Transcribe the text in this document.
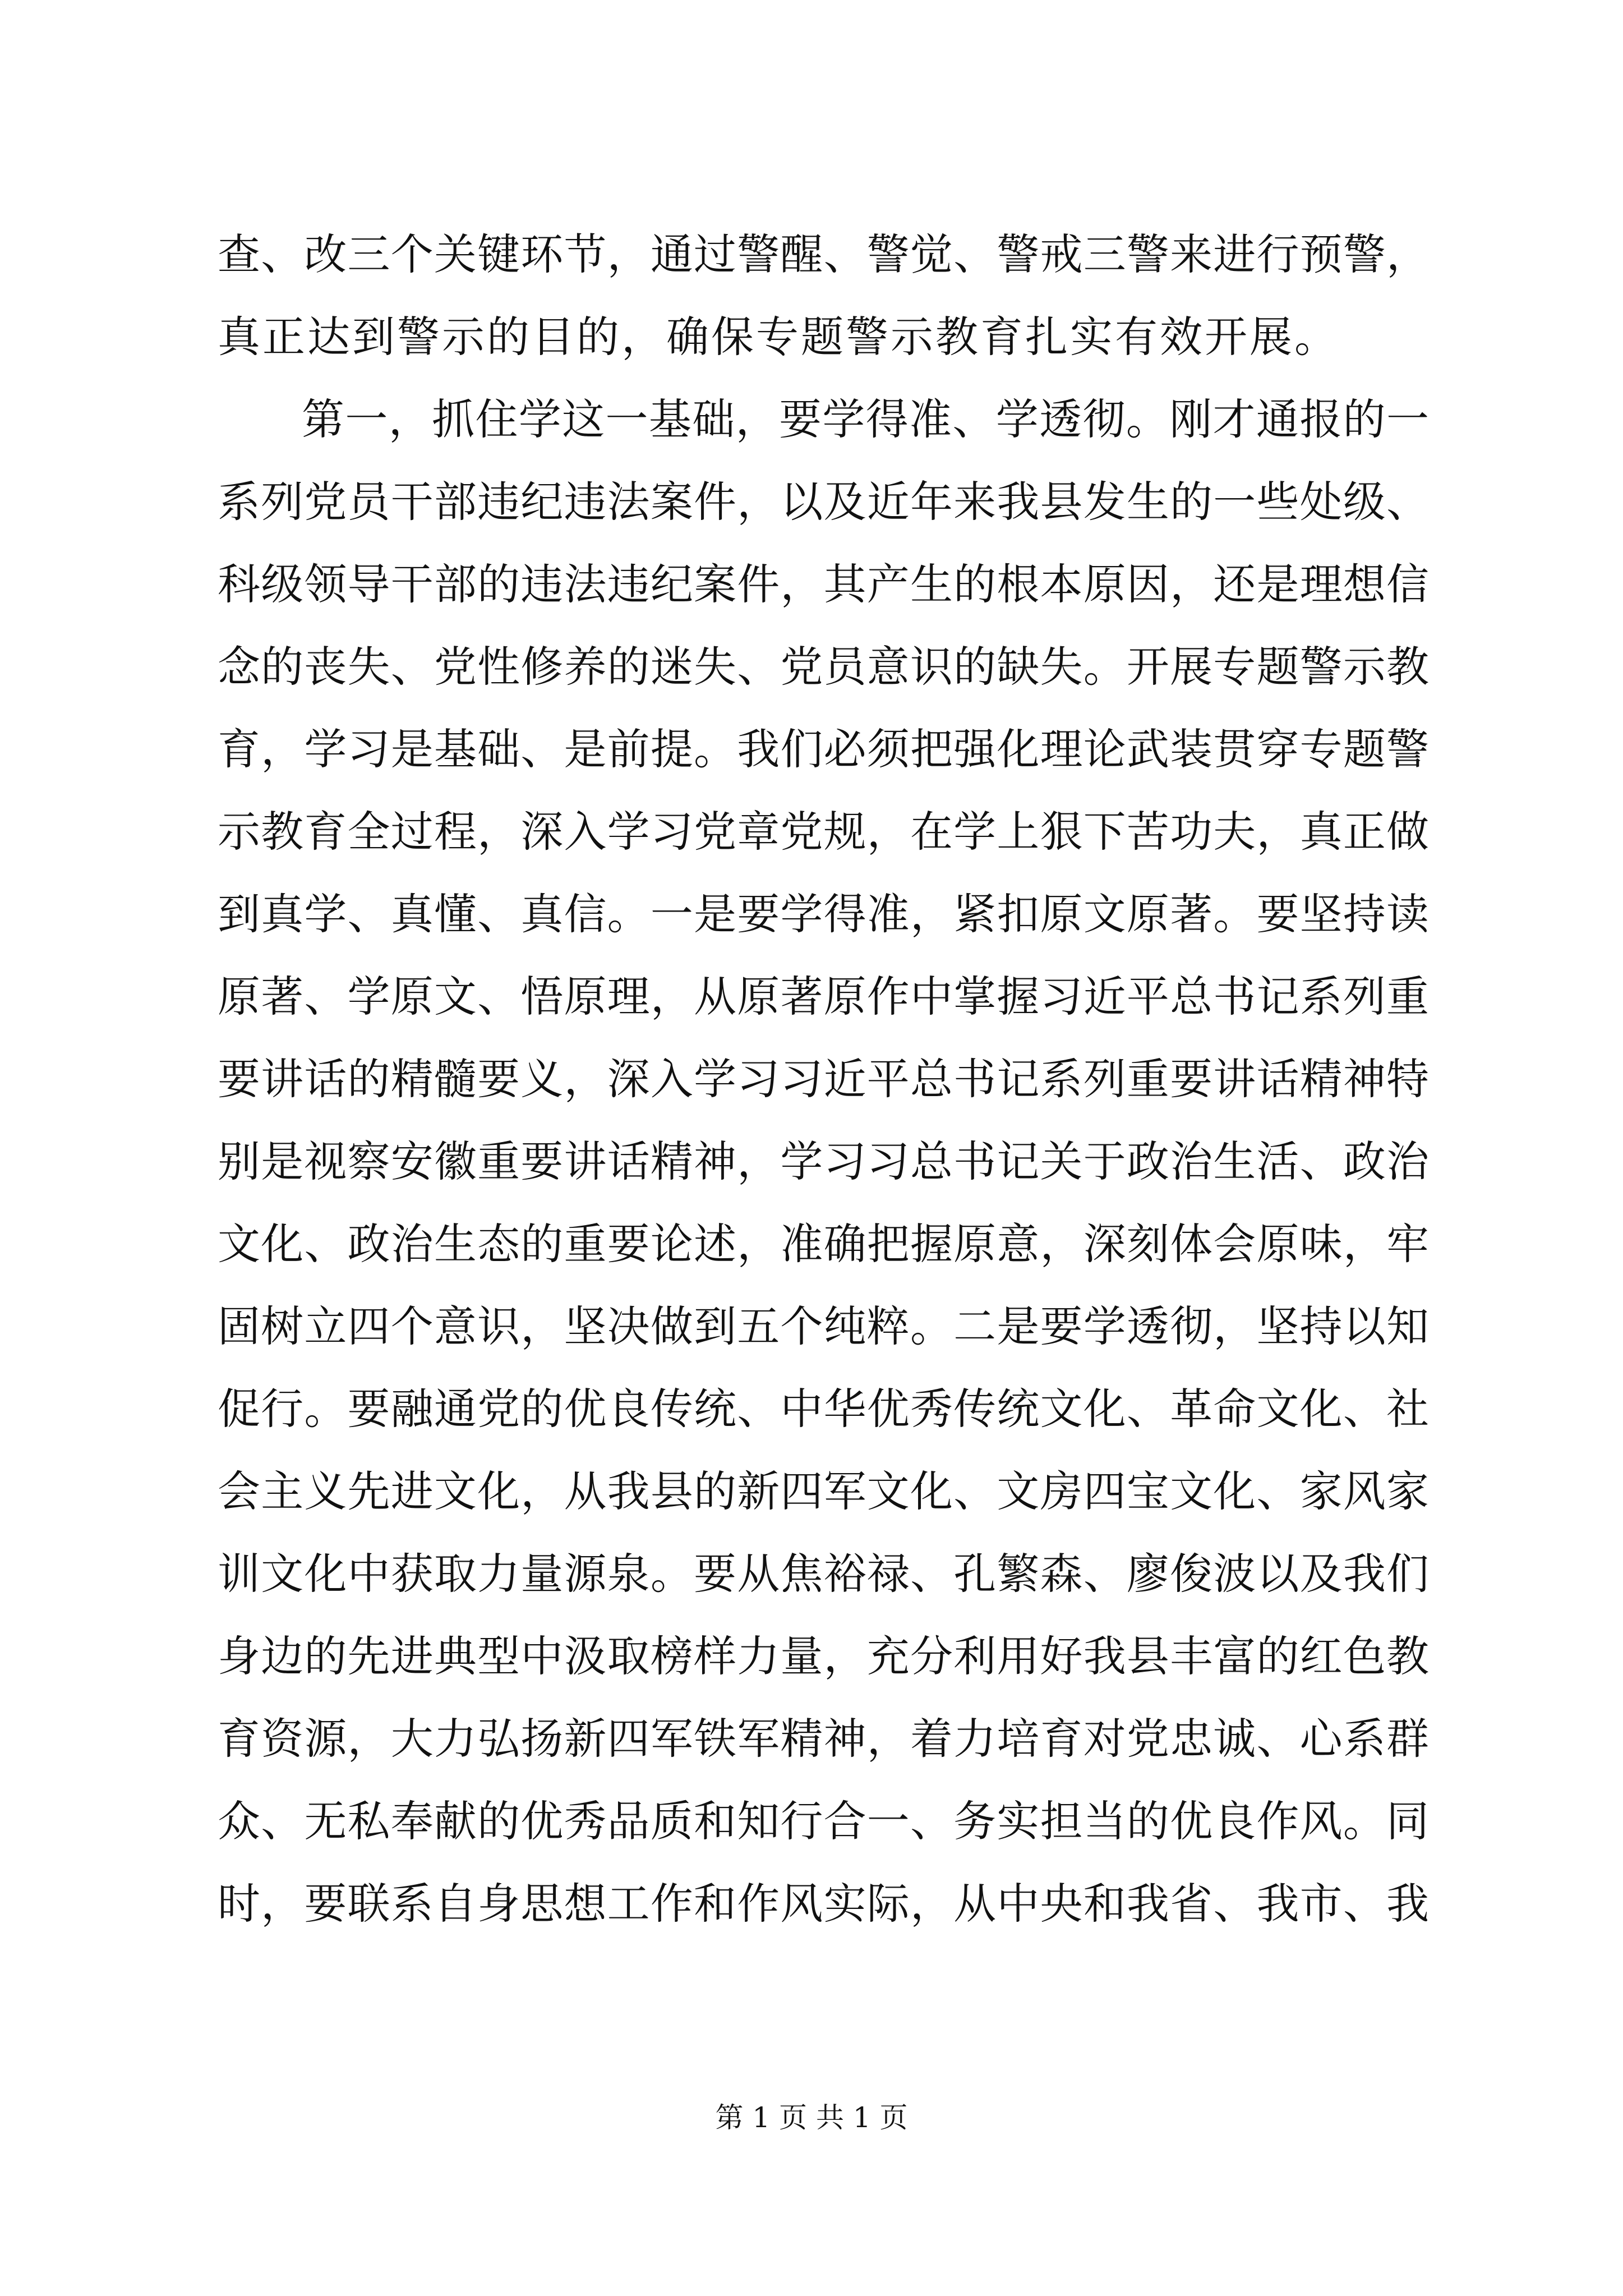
查、改三个关键环节，通过警醒、警觉、警戒三警来进行预警，
真正达到警示的目的，确保专题警示教育扎实有效开展。
第一，抓住学这一基础，要学得准、学透彻。刚才通报的一
系列党员干部违纪违法案件，以及近年来我县发生的一些处级、
科级领导干部的违法违纪案件，其产生的根本原因，还是理想信
念的丧失、党性修养的迷失、党员意识的缺失。开展专题警示教
育，学习是基础、是前提。我们必须把强化理论武装贯穿专题警
示教育全过程，深入学习党章党规，在学上狠下苦功夫，真正做
到真学、真懂、真信。一是要学得准，紧扣原文原著。要坚持读
原著、学原文、悟原理，从原著原作中掌握习近平总书记系列重
要讲话的精髓要义，深入学习习近平总书记系列重要讲话精神特
别是视察安徽重要讲话精神，学习习总书记关于政治生活、政治
文化、政治生态的重要论述，准确把握原意，深刻体会原味，牢
固树立四个意识，坚决做到五个纯粹。二是要学透彻，坚持以知
促行。要融通党的优良传统、中华优秀传统文化、革命文化、社
会主义先进文化，从我县的新四军文化、文房四宝文化、家风家
训文化中获取力量源泉。要从焦裕禄、孔繁森、廖俊波以及我们
身边的先进典型中汲取榜样力量，充分利用好我县丰富的红色教
育资源，大力弘扬新四军铁军精神，着力培育对党忠诚、心系群
众、无私奉献的优秀品质和知行合一、务实担当的优良作风。同
时，要联系自身思想工作和作风实际，从中央和我省、我市、我
第 1 页 共 1 页
